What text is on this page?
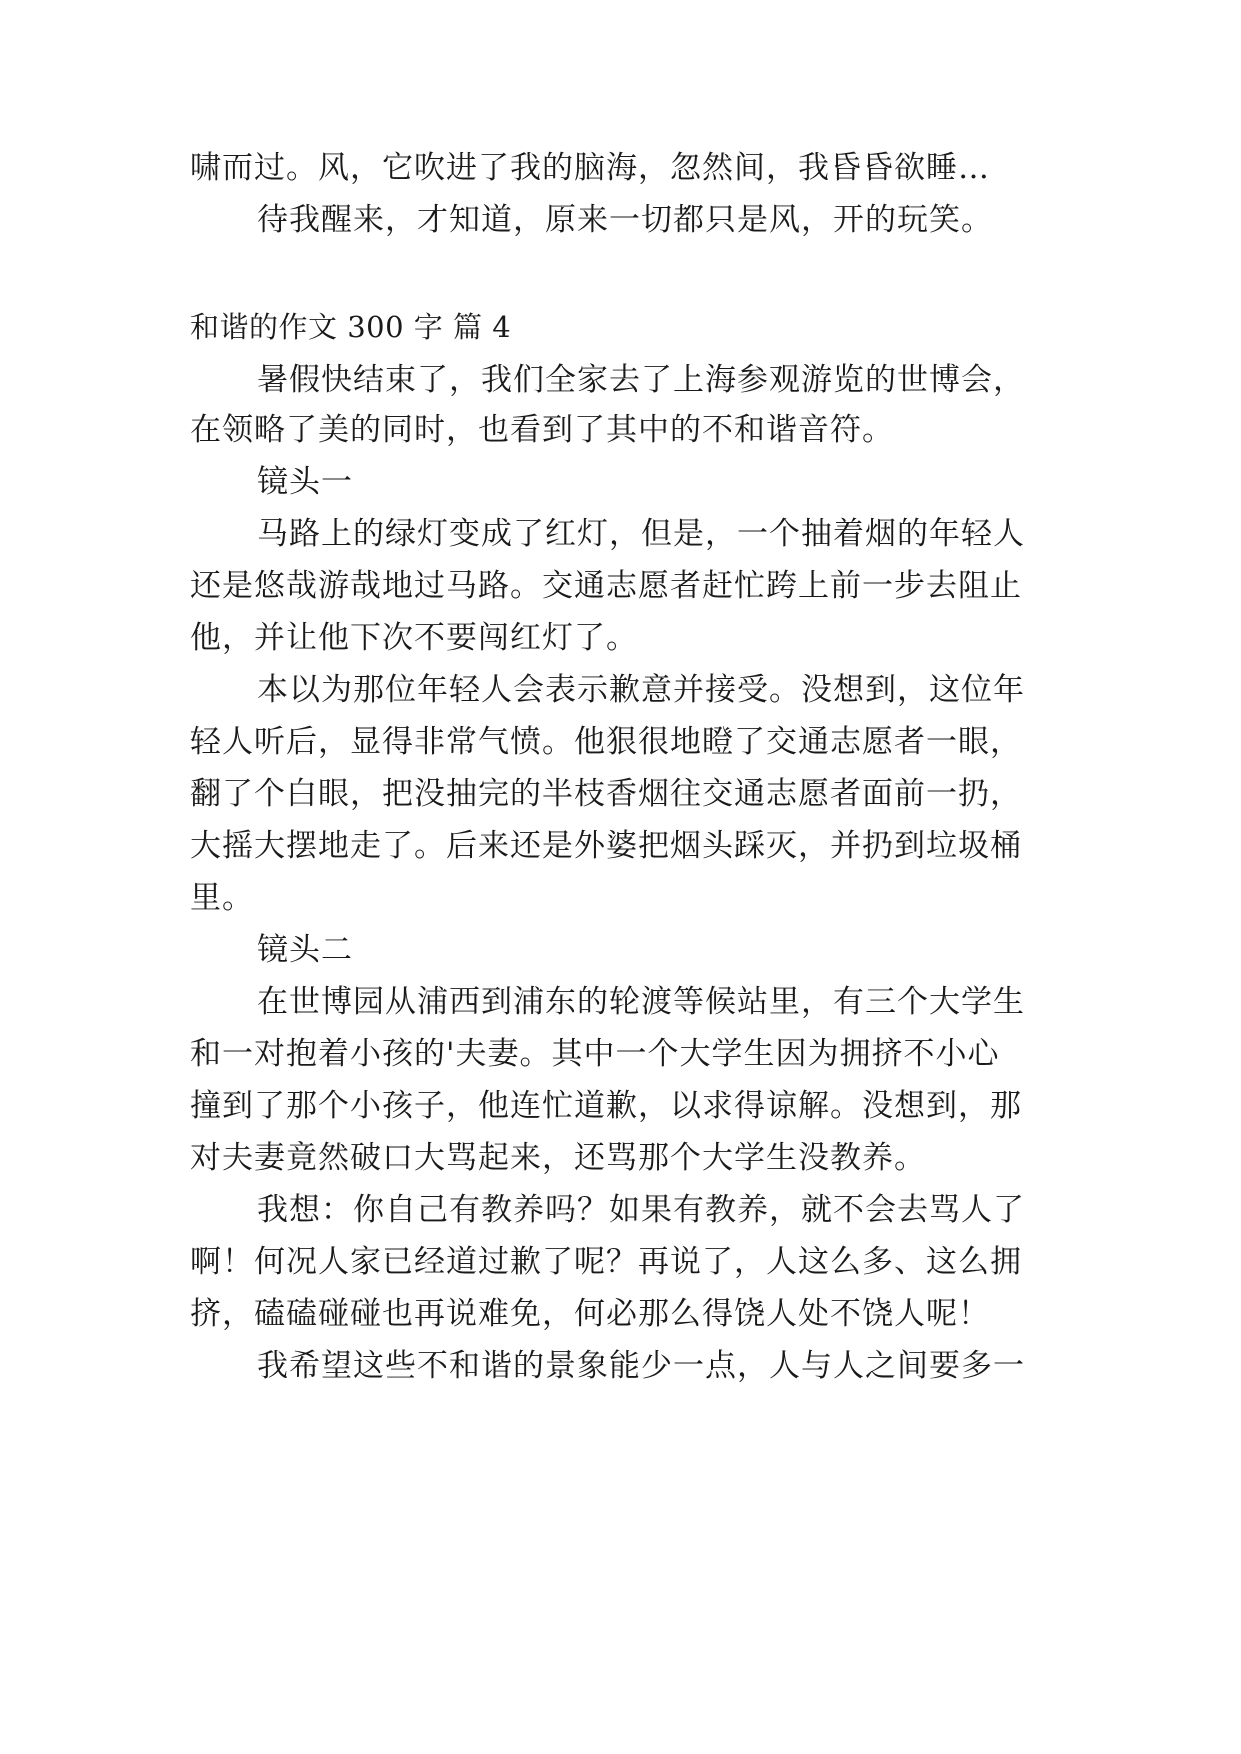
啸而过。风，它吹进了我的脑海，忽然间，我昏昏欲睡…
待我醒来，才知道，原来一切都只是风，开的玩笑。
和谐的作文 300 字 篇 4
暑假快结束了，我们全家去了上海参观游览的世博会，
在领略了美的同时，也看到了其中的不和谐音符。
镜头一
马路上的绿灯变成了红灯，但是，一个抽着烟的年轻人
还是悠哉游哉地过马路。交通志愿者赶忙跨上前一步去阻止
他，并让他下次不要闯红灯了。
本以为那位年轻人会表示歉意并接受。没想到，这位年
轻人听后，显得非常气愤。他狠很地瞪了交通志愿者一眼，
翻了个白眼，把没抽完的半枝香烟往交通志愿者面前一扔，
大摇大摆地走了。后来还是外婆把烟头踩灭，并扔到垃圾桶
里。
镜头二
在世博园从浦西到浦东的轮渡等候站里，有三个大学生
和一对抱着小孩的'夫妻。其中一个大学生因为拥挤不小心
撞到了那个小孩子，他连忙道歉，以求得谅解。没想到，那
对夫妻竟然破口大骂起来，还骂那个大学生没教养。
我想：你自己有教养吗？如果有教养，就不会去骂人了
啊！何况人家已经道过歉了呢？再说了，人这么多、这么拥
挤，磕磕碰碰也再说难免，何必那么得饶人处不饶人呢！
我希望这些不和谐的景象能少一点，人与人之间要多一
